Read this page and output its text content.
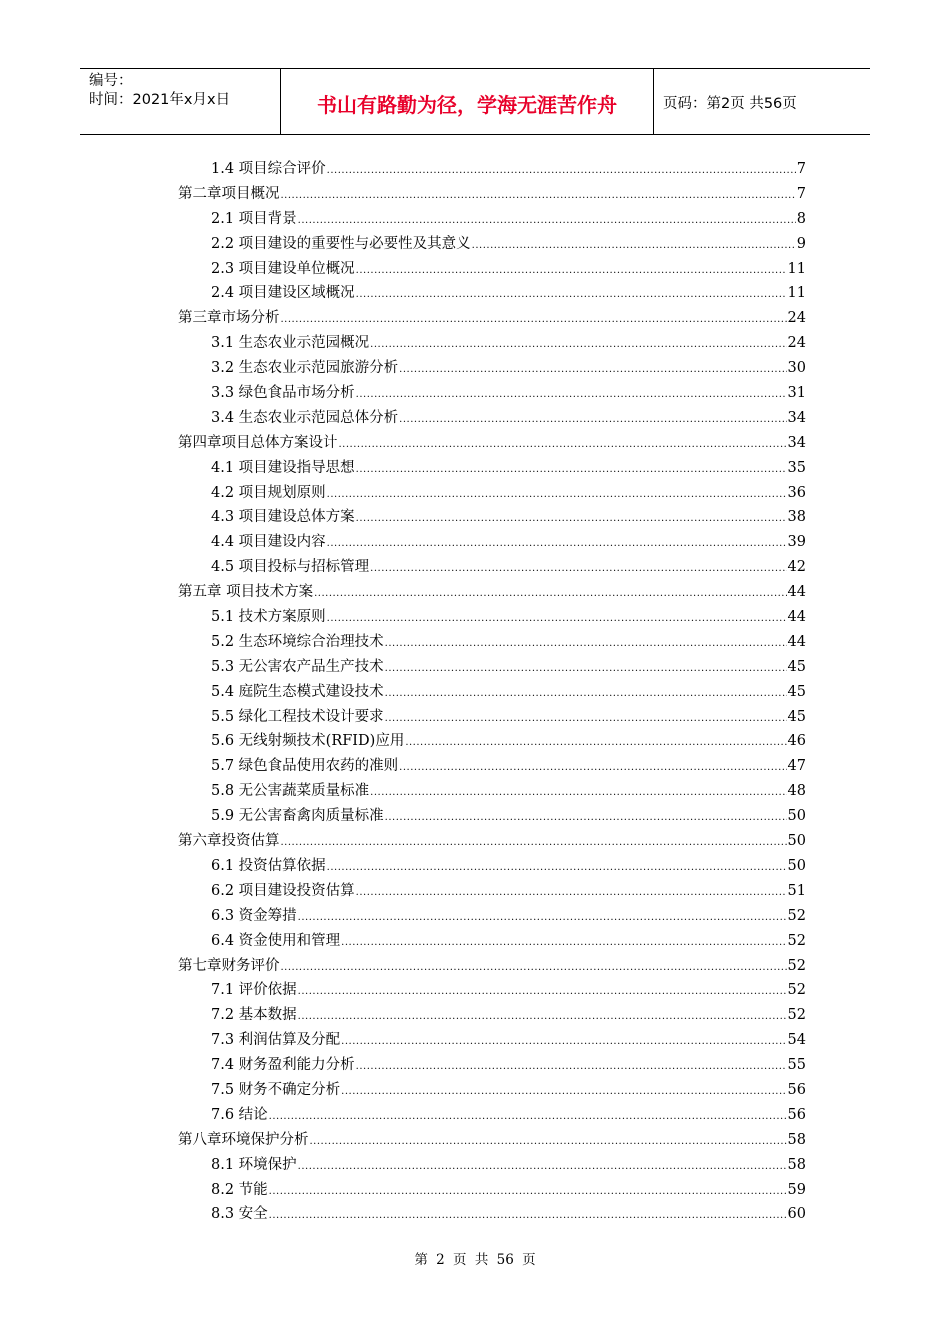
编号：
时间：2021年x月x日	书山有路勤为径，学海无涯苦作舟	页码：第2页 共56页
1.4 项目综合评价 .....	7
第二章项目概况 .....	7
2.1 项目背景 .....	8
2.2 项目建设的重要性与必要性及其意义 .....	9
2.3 项目建设单位概况 .....	11
2.4 项目建设区域概况 .....	11
第三章市场分析 .....	24
3.1 生态农业示范园概况 .....	24
3.2 生态农业示范园旅游分析 .....	30
3.3 绿色食品市场分析 .....	31
3.4 生态农业示范园总体分析 .....	34
第四章项目总体方案设计 .....	34
4.1 项目建设指导思想 .....	35
4.2 项目规划原则 .....	36
4.3 项目建设总体方案 .....	38
4.4 项目建设内容 .....	39
4.5 项目投标与招标管理 .....	42
第五章 项目技术方案 .....	44
5.1 技术方案原则 .....	44
5.2 生态环境综合治理技术 .....	44
5.3 无公害农产品生产技术 .....	45
5.4 庭院生态模式建设技术 .....	45
5.5 绿化工程技术设计要求 .....	45
5.6 无线射频技术(RFID)应用 .....	46
5.7 绿色食品使用农药的准则 .....	47
5.8 无公害蔬菜质量标准 .....	48
5.9 无公害畜禽肉质量标准 .....	50
第六章投资估算 .....	50
6.1 投资估算依据 .....	50
6.2 项目建设投资估算 .....	51
6.3 资金筹措 .....	52
6.4 资金使用和管理 .....	52
第七章财务评价 .....	52
7.1 评价依据 .....	52
7.2 基本数据 .....	52
7.3 利润估算及分配 .....	54
7.4 财务盈利能力分析 .....	55
7.5 财务不确定分析 .....	56
7.6 结论 .....	56
第八章环境保护分析 .....	58
8.1 环境保护 .....	58
8.2 节能 .....	59
8.3 安全 .....	60
第 2 页 共 56 页
